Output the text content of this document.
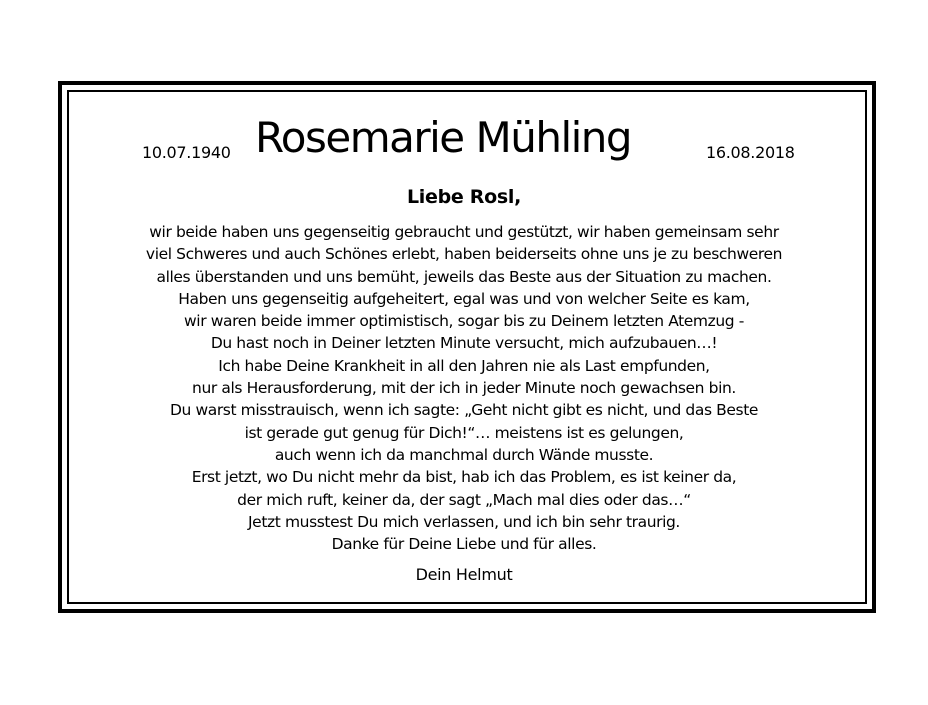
10.07.1940 Rosemarie Mühling	16.08.2018
Liebe Rosl,
wir beide haben uns gegenseitig gebraucht und gestützt, wir haben gemeinsam sehr
viel Schweres und auch Schönes erlebt, haben beiderseits ohne uns je zu beschweren
alles überstanden und uns bemüht, jeweils das Beste aus der Situation zu machen.
Haben uns gegenseitig aufgeheitert, egal was und von welcher Seite es kam,
wir waren beide immer optimistisch, sogar bis zu Deinem letzten Atemzug -
Du hast noch in Deiner letzten Minute versucht, mich aufzubauen…!
Ich habe Deine Krankheit in all den Jahren nie als Last empfunden,
nur als Herausforderung, mit der ich in jeder Minute noch gewachsen bin.
Du warst misstrauisch, wenn ich sagte: „Geht nicht gibt es nicht, und das Beste
ist gerade gut genug für Dich!“… meistens ist es gelungen,
auch wenn ich da manchmal durch Wände musste.
Erst jetzt, wo Du nicht mehr da bist, hab ich das Problem, es ist keiner da,
der mich ruft, keiner da, der sagt „Mach mal dies oder das…“
Jetzt musstest Du mich verlassen, und ich bin sehr traurig.
Danke für Deine Liebe und für alles.
Dein Helmut
